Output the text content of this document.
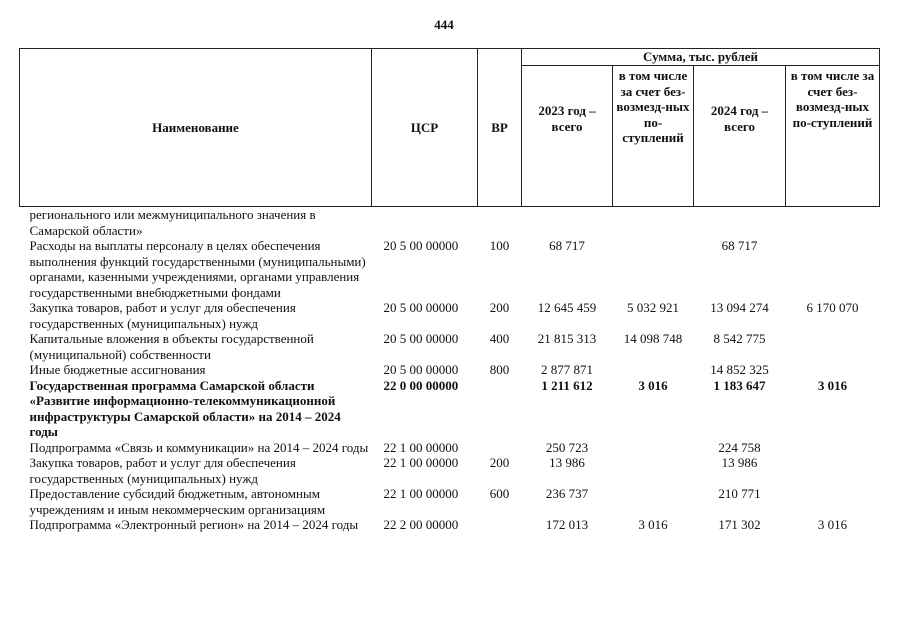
444
Наименование	ЦСР	ВР	Сумма, тыс. рублей			
			2023 год – всего	в том числе за счет без-возмезд-ных по-ступлений	2024 год – всего	в том числе за счет без-возмезд-ных по-ступлений
регионального или межмуниципального значения в Самарской области»						
Расходы на выплаты персоналу в целях обеспечения выполнения функций государственными (муниципальными) органами, казенными учреждениями, органами управления государственными внебюджетными фондами	20 5 00 00000	100	68 717		68 717	
Закупка товаров, работ и услуг для обеспечения государственных (муниципальных) нужд	20 5 00 00000	200	12 645 459	5 032 921	13 094 274	6 170 070
Капитальные вложения в объекты государственной (муниципальной) собственности	20 5 00 00000	400	21 815 313	14 098 748	8 542 775	
Иные бюджетные ассигнования	20 5 00 00000	800	2 877 871		14 852 325	
Государственная программа Самарской области «Развитие информационно-телекоммуникационной инфраструктуры Самарской области» на 2014 – 2024 годы	22 0 00 00000		1 211 612	3 016	1 183 647	3 016
Подпрограмма «Связь и коммуникации» на 2014 – 2024 годы	22 1 00 00000		250 723		224 758	
Закупка товаров, работ и услуг для обеспечения государственных (муниципальных) нужд	22 1 00 00000	200	13 986		13 986	
Предоставление субсидий бюджетным, автономным учреждениям и иным некоммерческим организациям	22 1 00 00000	600	236 737		210 771	
Подпрограмма «Электронный регион» на 2014 – 2024 годы	22 2 00 00000		172 013	3 016	171 302	3 016
